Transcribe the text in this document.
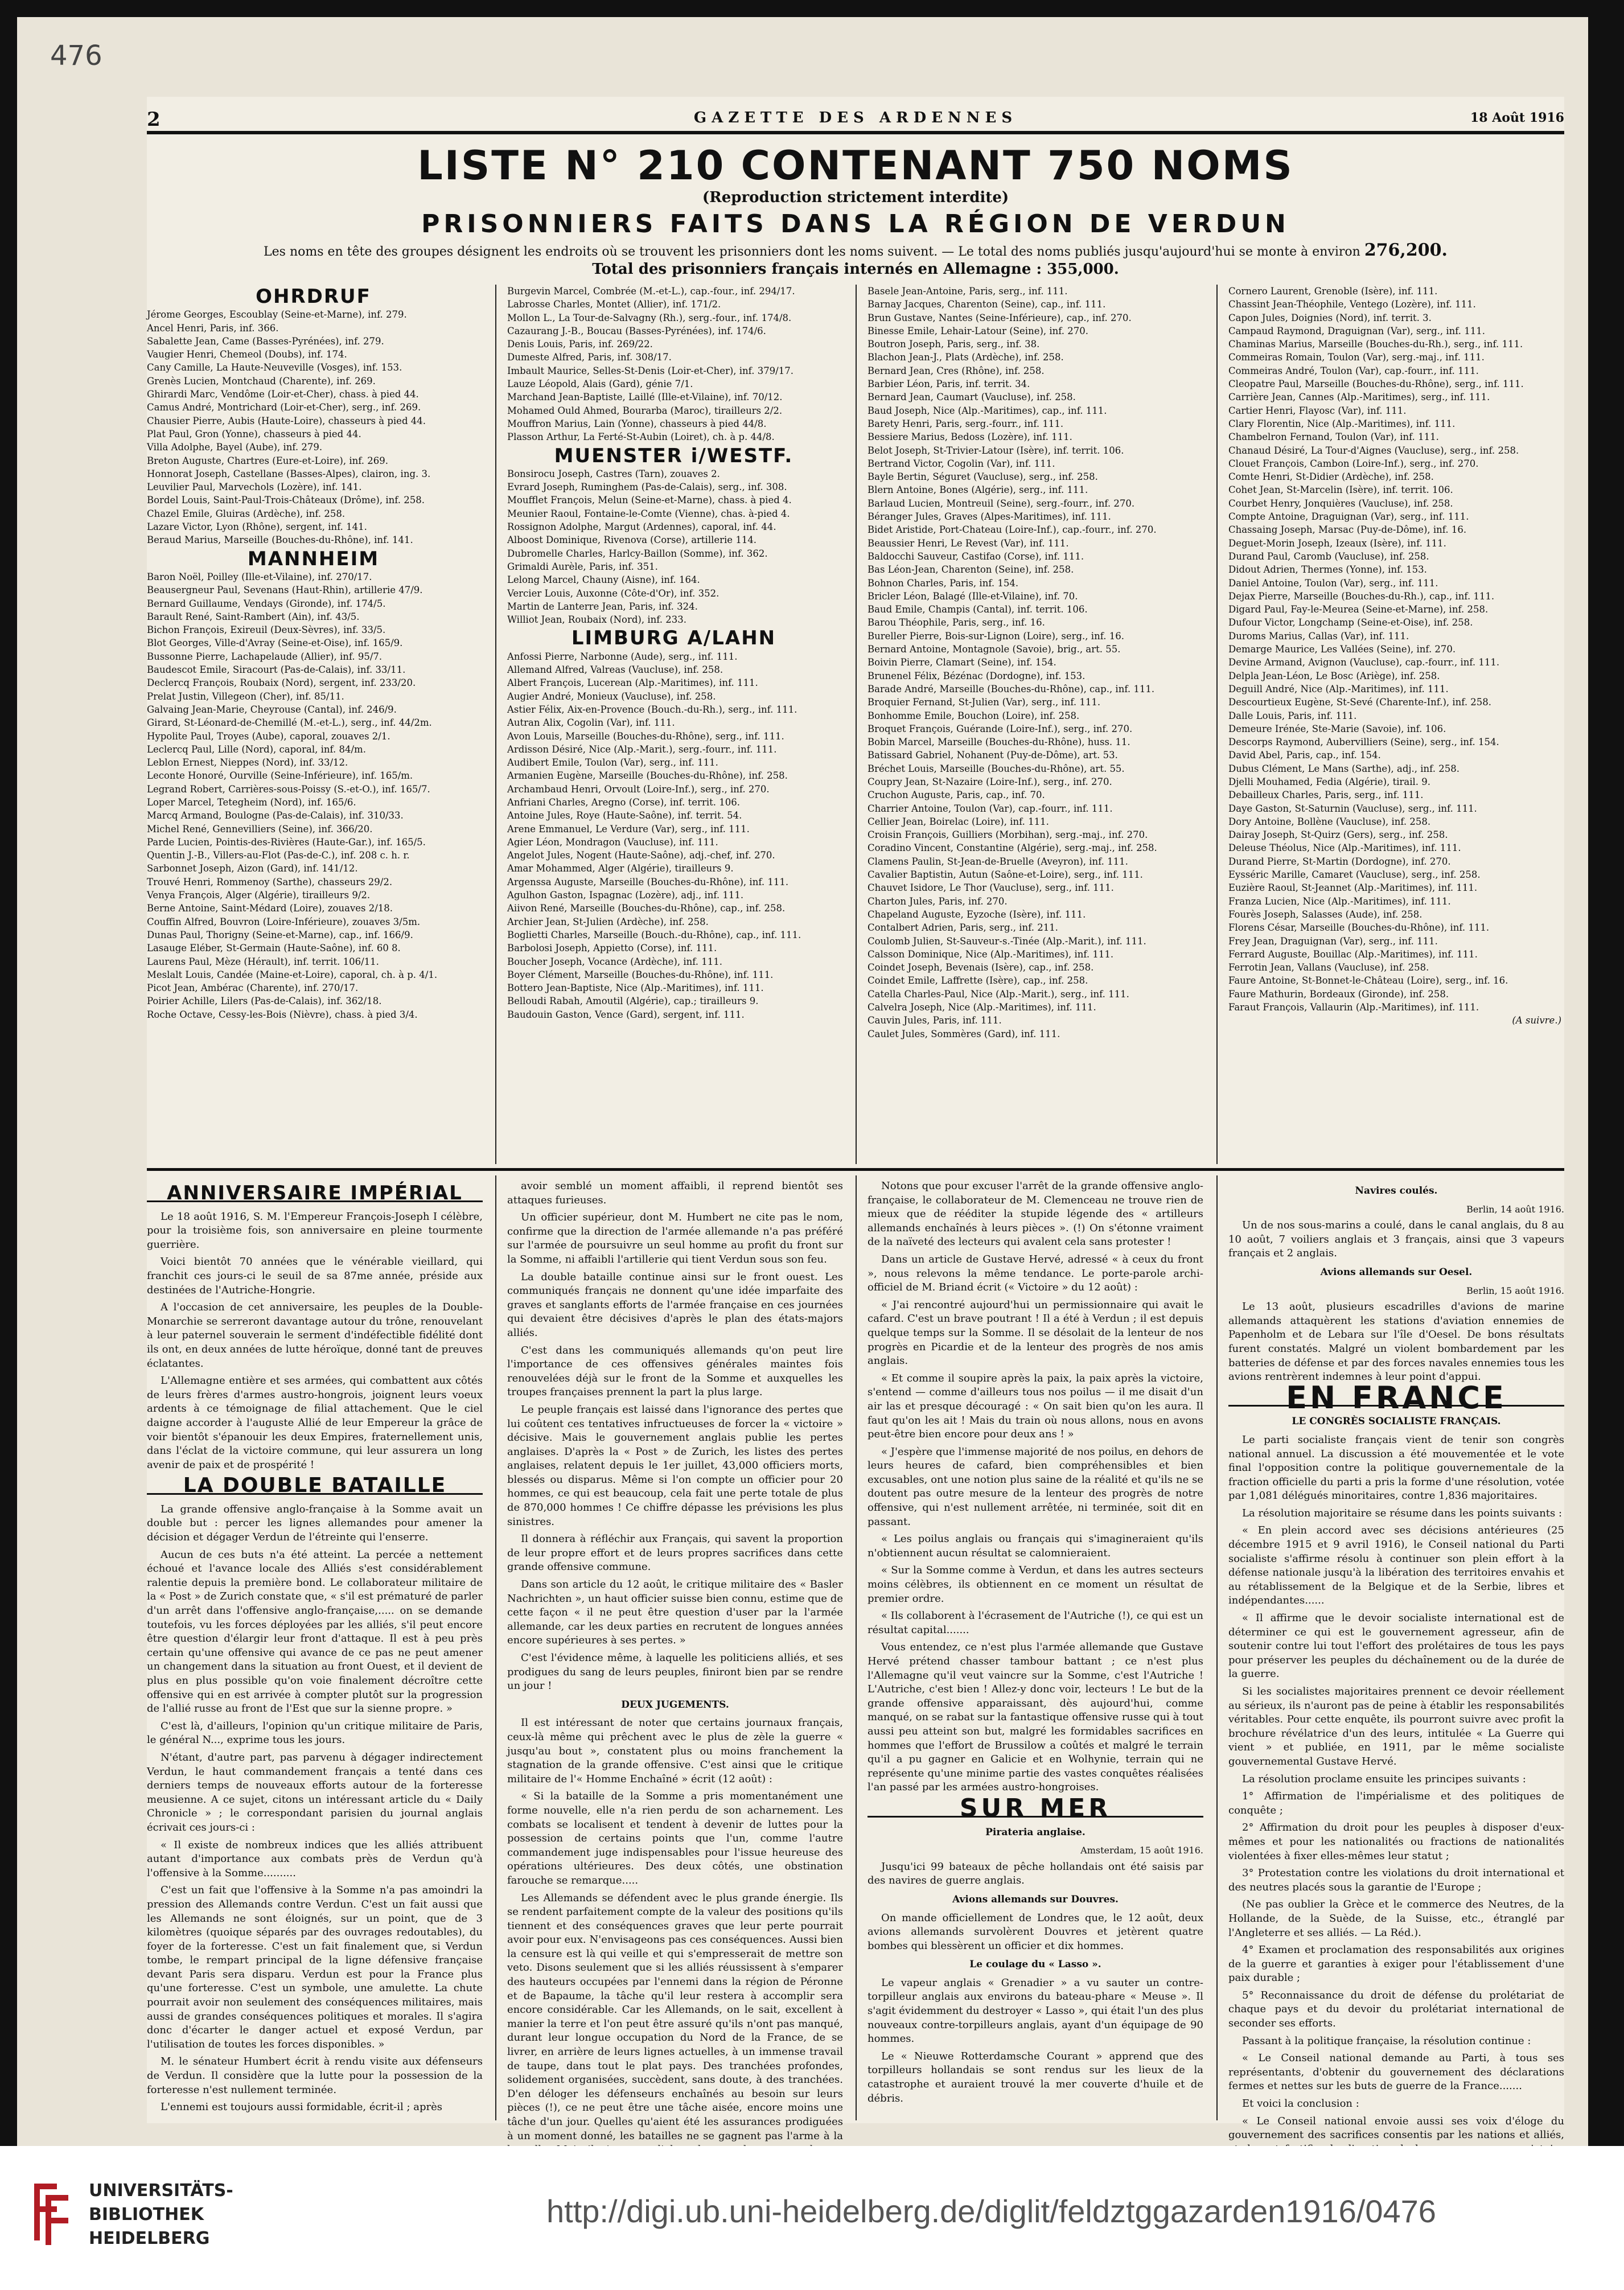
476
2	GAZETTE DES ARDENNES	18 Août 1916
LISTE N° 210 CONTENANT 750 NOMS
(Reproduction strictement interdite)
PRISONNIERS FAITS DANS LA RÉGION DE VERDUN
Les noms en tête des groupes désignent les endroits où se trouvent les prisonniers dont les noms suivent. — Le total des noms publiés jusqu'aujourd'hui se monte à environ 276,200.
Total des prisonniers français internés en Allemagne : 355,000.
OHRDRUF
Jérome Georges, Escoublay (Seine-et-Marne), inf. 279.
Ancel Henri, Paris, inf. 366.
Sabalette Jean, Came (Basses-Pyrénées), inf. 279.
Vaugier Henri, Chemeol (Doubs), inf. 174.
Cany Camille, La Haute-Neuveville (Vosges), inf. 153.
Grenès Lucien, Montchaud (Charente), inf. 269.
Ghirardi Marc, Vendôme (Loir-et-Cher), chass. à pied 44.
Camus André, Montrichard (Loir-et-Cher), serg., inf. 269.
Chausier Pierre, Aubis (Haute-Loire), chasseurs à pied 44.
Plat Paul, Gron (Yonne), chasseurs à pied 44.
Villa Adolphe, Bayel (Aube), inf. 279.
Breton Auguste, Chartres (Eure-et-Loire), inf. 269.
Honnorat Joseph, Castellane (Basses-Alpes), clairon, ing. 3.
Leuvilier Paul, Marvechols (Lozère), inf. 141.
Bordel Louis, Saint-Paul-Trois-Châteaux (Drôme), inf. 258.
Chazel Emile, Gluiras (Ardèche), inf. 258.
Lazare Victor, Lyon (Rhône), sergent, inf. 141.
Beraud Marius, Marseille (Bouches-du-Rhône), inf. 141.
MANNHEIM
Baron Noël, Poilley (Ille-et-Vilaine), inf. 270/17.
Beausergneur Paul, Sevenans (Haut-Rhin), artillerie 47/9.
Bernard Guillaume, Vendays (Gironde), inf. 174/5.
Barault René, Saint-Rambert (Ain), inf. 43/5.
Bichon François, Exireuil (Deux-Sèvres), inf. 33/5.
Blot Georges, Ville-d'Avray (Seine-et-Oise), inf. 165/9.
Bussonne Pierre, Lachapelaude (Allier), inf. 95/7.
Baudescot Emile, Siracourt (Pas-de-Calais), inf. 33/11.
Declercq François, Roubaix (Nord), sergent, inf. 233/20.
Prelat Justin, Villegeon (Cher), inf. 85/11.
Galvaing Jean-Marie, Cheyrouse (Cantal), inf. 246/9.
Girard, St-Léonard-de-Chemillé (M.-et-L.), serg., inf. 44/2m.
Hypolite Paul, Troyes (Aube), caporal, zouaves 2/1.
Leclercq Paul, Lille (Nord), caporal, inf. 84/m.
Leblon Ernest, Nieppes (Nord), inf. 33/12.
Leconte Honoré, Ourville (Seine-Inférieure), inf. 165/m.
Legrand Robert, Carrières-sous-Poissy (S.-et-O.), inf. 165/7.
Loper Marcel, Tetegheim (Nord), inf. 165/6.
Marcq Armand, Boulogne (Pas-de-Calais), inf. 310/33.
Michel René, Gennevilliers (Seine), inf. 366/20.
Parde Lucien, Pointis-des-Rivières (Haute-Gar.), inf. 165/5.
Quentin J.-B., Villers-au-Flot (Pas-de-C.), inf. 208 c. h. r.
Sarbonnet Joseph, Aizon (Gard), inf. 141/12.
Trouvé Henri, Rommenoy (Sarthe), chasseurs 29/2.
Venya François, Alger (Algérie), tirailleurs 9/2.
Berne Antoine, Saint-Médard (Loire), zouaves 2/18.
Couffin Alfred, Bouvron (Loire-Inférieure), zouaves 3/5m.
Dunas Paul, Thorigny (Seine-et-Marne), cap., inf. 166/9.
Lasauge Eléber, St-Germain (Haute-Saône), inf. 60 8.
Laurens Paul, Mèze (Hérault), inf. territ. 106/11.
Meslalt Louis, Candée (Maine-et-Loire), caporal, ch. à p. 4/1.
Picot Jean, Ambérac (Charente), inf. 270/17.
Poirier Achille, Lilers (Pas-de-Calais), inf. 362/18.
Roche Octave, Cessy-les-Bois (Nièvre), chass. à pied 3/4.
Burgevin Marcel, Combrée (M.-et-L.), cap.-four., inf. 294/17.
Labrosse Charles, Montet (Allier), inf. 171/2.
Mollon L., La Tour-de-Salvagny (Rh.), serg.-four., inf. 174/8.
Cazaurang J.-B., Boucau (Basses-Pyrénées), inf. 174/6.
Denis Louis, Paris, inf. 269/22.
Dumeste Alfred, Paris, inf. 308/17.
Imbault Maurice, Selles-St-Denis (Loir-et-Cher), inf. 379/17.
Lauze Léopold, Alais (Gard), génie 7/1.
Marchand Jean-Baptiste, Laillé (Ille-et-Vilaine), inf. 70/12.
Mohamed Ould Ahmed, Bourarba (Maroc), tirailleurs 2/2.
Mouffron Marius, Lain (Yonne), chasseurs à pied 44/8.
Plasson Arthur, La Ferté-St-Aubin (Loiret), ch. à p. 44/8.
MUENSTER i/WESTF.
Bonsirocu Joseph, Castres (Tarn), zouaves 2.
Evrard Joseph, Ruminghem (Pas-de-Calais), serg., inf. 308.
Moufflet François, Melun (Seine-et-Marne), chass. à pied 4.
Meunier Raoul, Fontaine-le-Comte (Vienne), chas. à-pied 4.
Rossignon Adolphe, Margut (Ardennes), caporal, inf. 44.
Alboost Dominique, Rivenova (Corse), artillerie 114.
Dubromelle Charles, Harlcy-Baillon (Somme), inf. 362.
Grimaldi Aurèle, Paris, inf. 351.
Lelong Marcel, Chauny (Aisne), inf. 164.
Vercier Louis, Auxonne (Côte-d'Or), inf. 352.
Martin de Lanterre Jean, Paris, inf. 324.
Williot Jean, Roubaix (Nord), inf. 233.
LIMBURG A/LAHN
Anfossi Pierre, Narbonne (Aude), serg., inf. 111.
Allemand Alfred, Valreas (Vaucluse), inf. 258.
Albert François, Lucerean (Alp.-Maritimes), inf. 111.
Augier André, Monieux (Vaucluse), inf. 258.
Astier Félix, Aix-en-Provence (Bouch.-du-Rh.), serg., inf. 111.
Autran Alix, Cogolin (Var), inf. 111.
Avon Louis, Marseille (Bouches-du-Rhône), serg., inf. 111.
Ardisson Désiré, Nice (Alp.-Marit.), serg.-fourr., inf. 111.
Audibert Emile, Toulon (Var), serg., inf. 111.
Armanien Eugène, Marseille (Bouches-du-Rhône), inf. 258.
Archambaud Henri, Orvoult (Loire-Inf.), serg., inf. 270.
Anfriani Charles, Aregno (Corse), inf. territ. 106.
Antoine Jules, Roye (Haute-Saône), inf. territ. 54.
Arene Emmanuel, Le Verdure (Var), serg., inf. 111.
Agier Léon, Mondragon (Vaucluse), inf. 111.
Angelot Jules, Nogent (Haute-Saône), adj.-chef, inf. 270.
Amar Mohammed, Alger (Algérie), tirailleurs 9.
Argenssa Auguste, Marseille (Bouches-du-Rhône), inf. 111.
Agulhon Gaston, Ispagnac (Lozère), adj., inf. 111.
Aiivon René, Marseille (Bouches-du-Rhône), cap., inf. 258.
Archier Jean, St-Julien (Ardèche), inf. 258.
Boglietti Charles, Marseille (Bouch.-du-Rhône), cap., inf. 111.
Barbolosi Joseph, Appietto (Corse), inf. 111.
Boucher Joseph, Vocance (Ardèche), inf. 111.
Boyer Clément, Marseille (Bouches-du-Rhône), inf. 111.
Bottero Jean-Baptiste, Nice (Alp.-Maritimes), inf. 111.
Belloudi Rabah, Amoutil (Algérie), cap.; tirailleurs 9.
Baudouin Gaston, Vence (Gard), sergent, inf. 111.
Basele Jean-Antoine, Paris, serg., inf. 111.
Barnay Jacques, Charenton (Seine), cap., inf. 111.
Brun Gustave, Nantes (Seine-Inférieure), cap., inf. 270.
Binesse Emile, Lehair-Latour (Seine), inf. 270.
Boutron Joseph, Paris, serg., inf. 38.
Blachon Jean-J., Plats (Ardèche), inf. 258.
Bernard Jean, Cres (Rhône), inf. 258.
Barbier Léon, Paris, inf. territ. 34.
Bernard Jean, Caumart (Vaucluse), inf. 258.
Baud Joseph, Nice (Alp.-Maritimes), cap., inf. 111.
Barety Henri, Paris, serg.-fourr., inf. 111.
Bessiere Marius, Bedoss (Lozère), inf. 111.
Belot Joseph, St-Trivier-Latour (Isère), inf. territ. 106.
Bertrand Victor, Cogolin (Var), inf. 111.
Bayle Bertin, Séguret (Vaucluse), serg., inf. 258.
Blern Antoine, Bones (Algérie), serg., inf. 111.
Barlaud Lucien, Montreuil (Seine), serg.-fourr., inf. 270.
Béranger Jules, Graves (Alpes-Maritimes), inf. 111.
Bidet Aristide, Port-Chateau (Loire-Inf.), cap.-fourr., inf. 270.
Beaussier Henri, Le Revest (Var), inf. 111.
Baldocchi Sauveur, Castifao (Corse), inf. 111.
Bas Léon-Jean, Charenton (Seine), inf. 258.
Bohnon Charles, Paris, inf. 154.
Bricler Léon, Balagé (Ille-et-Vilaine), inf. 70.
Baud Emile, Champis (Cantal), inf. territ. 106.
Barou Théophile, Paris, serg., inf. 16.
Bureller Pierre, Bois-sur-Lignon (Loire), serg., inf. 16.
Bernard Antoine, Montagnole (Savoie), brig., art. 55.
Boivin Pierre, Clamart (Seine), inf. 154.
Brunenel Félix, Bézénac (Dordogne), inf. 153.
Barade André, Marseille (Bouches-du-Rhône), cap., inf. 111.
Broquier Fernand, St-Julien (Var), serg., inf. 111.
Bonhomme Emile, Bouchon (Loire), inf. 258.
Broquet François, Guérande (Loire-Inf.), serg., inf. 270.
Bobin Marcel, Marseille (Bouches-du-Rhône), huss. 11.
Batissard Gabriel, Nohanent (Puy-de-Dôme), art. 53.
Bréchet Louis, Marseille (Bouches-du-Rhône), art. 55.
Coupry Jean, St-Nazaire (Loire-Inf.), serg., inf. 270.
Cruchon Auguste, Paris, cap., inf. 70.
Charrier Antoine, Toulon (Var), cap.-fourr., inf. 111.
Cellier Jean, Boirelac (Loire), inf. 111.
Croisin François, Guilliers (Morbihan), serg.-maj., inf. 270.
Coradino Vincent, Constantine (Algérie), serg.-maj., inf. 258.
Clamens Paulin, St-Jean-de-Bruelle (Aveyron), inf. 111.
Cavalier Baptistin, Autun (Saône-et-Loire), serg., inf. 111.
Chauvet Isidore, Le Thor (Vaucluse), serg., inf. 111.
Charton Jules, Paris, inf. 270.
Chapeland Auguste, Eyzoche (Isère), inf. 111.
Contalbert Adrien, Paris, serg., inf. 211.
Coulomb Julien, St-Sauveur-s.-Tinée (Alp.-Marit.), inf. 111.
Calsson Dominique, Nice (Alp.-Maritimes), inf. 111.
Coindet Joseph, Bevenais (Isère), cap., inf. 258.
Coindet Emile, Laffrette (Isère), cap., inf. 258.
Catella Charles-Paul, Nice (Alp.-Marit.), serg., inf. 111.
Calvelra Joseph, Nice (Alp.-Maritimes), inf. 111.
Cauvin Jules, Paris, inf. 111.
Caulet Jules, Sommères (Gard), inf. 111.
Cornero Laurent, Grenoble (Isère), inf. 111.
Chassint Jean-Théophile, Ventego (Lozère), inf. 111.
Capon Jules, Doignies (Nord), inf. territ. 3.
Campaud Raymond, Draguignan (Var), serg., inf. 111.
Chaminas Marius, Marseille (Bouches-du-Rh.), serg., inf. 111.
Commeiras Romain, Toulon (Var), serg.-maj., inf. 111.
Commeiras André, Toulon (Var), cap.-fourr., inf. 111.
Cleopatre Paul, Marseille (Bouches-du-Rhône), serg., inf. 111.
Carrière Jean, Cannes (Alp.-Maritimes), serg., inf. 111.
Cartier Henri, Flayosc (Var), inf. 111.
Clary Florentin, Nice (Alp.-Maritimes), inf. 111.
Chambelron Fernand, Toulon (Var), inf. 111.
Chanaud Désiré, La Tour-d'Aignes (Vaucluse), serg., inf. 258.
Clouet François, Cambon (Loire-Inf.), serg., inf. 270.
Comte Henri, St-Didier (Ardèche), inf. 258.
Cohet Jean, St-Marcelin (Isère), inf. territ. 106.
Courbet Henry, Jonquières (Vaucluse), inf. 258.
Compte Antoine, Draguignan (Var), serg., inf. 111.
Chassaing Joseph, Marsac (Puy-de-Dôme), inf. 16.
Deguet-Morin Joseph, Izeaux (Isère), inf. 111.
Durand Paul, Caromb (Vaucluse), inf. 258.
Didout Adrien, Thermes (Yonne), inf. 153.
Daniel Antoine, Toulon (Var), serg., inf. 111.
Dejax Pierre, Marseille (Bouches-du-Rh.), cap., inf. 111.
Digard Paul, Fay-le-Meurea (Seine-et-Marne), inf. 258.
Dufour Victor, Longchamp (Seine-et-Oise), inf. 258.
Duroms Marius, Callas (Var), inf. 111.
Demarge Maurice, Les Vallées (Seine), inf. 270.
Devine Armand, Avignon (Vaucluse), cap.-fourr., inf. 111.
Delpla Jean-Léon, Le Bosc (Ariège), inf. 258.
Deguill André, Nice (Alp.-Maritimes), inf. 111.
Descourtieux Eugène, St-Sevé (Charente-Inf.), inf. 258.
Dalle Louis, Paris, inf. 111.
Demeure Irénée, Ste-Marie (Savoie), inf. 106.
Descorps Raymond, Aubervilliers (Seine), serg., inf. 154.
David Abel, Paris, cap., inf. 154.
Dubus Clément, Le Mans (Sarthe), adj., inf. 258.
Djelli Mouhamed, Fedia (Algérie), tirail. 9.
Debailleux Charles, Paris, serg., inf. 111.
Daye Gaston, St-Saturnin (Vaucluse), serg., inf. 111.
Dory Antoine, Bollène (Vaucluse), inf. 258.
Dairay Joseph, St-Quirz (Gers), serg., inf. 258.
Deleuse Théolus, Nice (Alp.-Maritimes), inf. 111.
Durand Pierre, St-Martin (Dordogne), inf. 270.
Eysséric Marille, Camaret (Vaucluse), serg., inf. 258.
Euzière Raoul, St-Jeannet (Alp.-Maritimes), inf. 111.
Franza Lucien, Nice (Alp.-Maritimes), inf. 111.
Fourès Joseph, Salasses (Aude), inf. 258.
Florens César, Marseille (Bouches-du-Rhône), inf. 111.
Frey Jean, Draguignan (Var), serg., inf. 111.
Ferrard Auguste, Bouillac (Alp.-Maritimes), inf. 111.
Ferrotin Jean, Vallans (Vaucluse), inf. 258.
Faure Antoine, St-Bonnet-le-Château (Loire), serg., inf. 16.
Faure Mathurin, Bordeaux (Gironde), inf. 258.
Faraut François, Vallaurin (Alp.-Maritimes), inf. 111.
(A suivre.)
ANNIVERSAIRE IMPÉRIAL

Le 18 août 1916, S. M. l'Empereur François-Joseph I célèbre, pour la troisième fois, son anniversaire en pleine tourmente guerrière.

Voici bientôt 70 années que le vénérable vieillard, qui franchit ces jours-ci le seuil de sa 87me année, préside aux destinées de l'Autriche-Hongrie.

A l'occasion de cet anniversaire, les peuples de la Double-Monarchie se serreront davantage autour du trône, renouvelant à leur paternel souverain le serment d'indéfectible fidélité dont ils ont, en deux années de lutte héroïque, donné tant de preuves éclatantes.

L'Allemagne entière et ses armées, qui combattent aux côtés de leurs frères d'armes austro-hongrois, joignent leurs voeux ardents à ce témoignage de filial attachement. Que le ciel daigne accorder à l'auguste Allié de leur Empereur la grâce de voir bientôt s'épanouir les deux Empires, fraternellement unis, dans l'éclat de la victoire commune, qui leur assurera un long avenir de paix et de prospérité !

LA DOUBLE BATAILLE

La grande offensive anglo-française à la Somme avait un double but : percer les lignes allemandes pour amener la décision et dégager Verdun de l'étreinte qui l'enserre.

Aucun de ces buts n'a été atteint. La percée a nettement échoué et l'avance locale des Alliés s'est considérablement ralentie depuis la première bond. Le collaborateur militaire de la « Post » de Zurich constate que, « s'il est prématuré de parler d'un arrêt dans l'offensive anglo-française,..... on se demande toutefois, vu les forces déployées par les alliés, s'il peut encore être question d'élargir leur front d'attaque. Il est à peu près certain qu'une offensive qui avance de ce pas ne peut amener un changement dans la situation au front Ouest, et il devient de plus en plus possible qu'on voie finalement décroître cette offensive qui en est arrivée à compter plutôt sur la progression de l'allié russe au front de l'Est que sur la sienne propre. »

C'est là, d'ailleurs, l'opinion qu'un critique militaire de Paris, le général N..., exprime tous les jours.

N'étant, d'autre part, pas parvenu à dégager indirectement Verdun, le haut commandement français a tenté dans ces derniers temps de nouveaux efforts autour de la forteresse meusienne. A ce sujet, citons un intéressant article du « Daily Chronicle » ; le correspondant parisien du journal anglais écrivait ces jours-ci :

« Il existe de nombreux indices que les alliés attribuent autant d'importance aux combats près de Verdun qu'à l'offensive à la Somme..........

C'est un fait que l'offensive à la Somme n'a pas amoindri la pression des Allemands contre Verdun. C'est un fait aussi que les Allemands ne sont éloignés, sur un point, que de 3 kilomètres (quoique séparés par des ouvrages redoutables), du foyer de la forteresse. C'est un fait finalement que, si Verdun tombe, le rempart principal de la ligne défensive française devant Paris sera disparu. Verdun est pour la France plus qu'une forteresse. C'est un symbole, une amulette. La chute pourrait avoir non seulement des conséquences militaires, mais aussi de grandes conséquences politiques et morales. Il s'agira donc d'écarter le danger actuel et exposé Verdun, par l'utilisation de toutes les forces disponibles. »

M. le sénateur Humbert écrit à rendu visite aux défenseurs de Verdun. Il considère que la lutte pour la possession de la forteresse n'est nullement terminée.

L'ennemi est toujours aussi formidable, écrit-il ; après

avoir semblé un moment affaibli, il reprend bientôt ses attaques furieuses.

Un officier supérieur, dont M. Humbert ne cite pas le nom, confirme que la direction de l'armée allemande n'a pas préféré sur l'armée de poursuivre un seul homme au profit du front sur la Somme, ni affaibli l'artillerie qui tient Verdun sous son feu.

La double bataille continue ainsi sur le front ouest. Les communiqués français ne donnent qu'une idée imparfaite des graves et sanglants efforts de l'armée française en ces journées qui devaient être décisives d'après le plan des états-majors alliés.

C'est dans les communiqués allemands qu'on peut lire l'importance de ces offensives générales maintes fois renouvelées déjà sur le front de la Somme et auxquelles les troupes françaises prennent la part la plus large.

Le peuple français est laissé dans l'ignorance des pertes que lui coûtent ces tentatives infructueuses de forcer la « victoire » décisive. Mais le gouvernement anglais publie les pertes anglaises. D'après la « Post » de Zurich, les listes des pertes anglaises, relatent depuis le 1er juillet, 43,000 officiers morts, blessés ou disparus. Même si l'on compte un officier pour 20 hommes, ce qui est beaucoup, cela fait une perte totale de plus de 870,000 hommes ! Ce chiffre dépasse les prévisions les plus sinistres.

Il donnera à réfléchir aux Français, qui savent la proportion de leur propre effort et de leurs propres sacrifices dans cette grande offensive commune.

Dans son article du 12 août, le critique militaire des « Basler Nachrichten », un haut officier suisse bien connu, estime que de cette façon « il ne peut être question d'user par la l'armée allemande, car les deux parties en recrutent de longues années encore supérieures à ses pertes. »

C'est l'évidence même, à laquelle les politiciens alliés, et ses prodigues du sang de leurs peuples, finiront bien par se rendre un jour !

DEUX JUGEMENTS.

Il est intéressant de noter que certains journaux français, ceux-là même qui prêchent avec le plus de zèle la guerre « jusqu'au bout », constatent plus ou moins franchement la stagnation de la grande offensive. C'est ainsi que le critique militaire de l'« Homme Enchaîné » écrit (12 août) :

« Si la bataille de la Somme a pris momentanément une forme nouvelle, elle n'a rien perdu de son acharnement. Les combats se localisent et tendent à devenir de luttes pour la possession de certains points que l'un, comme l'autre commandement juge indispensables pour l'issue heureuse des opérations ultérieures. Des deux côtés, une obstination farouche se remarque.....

Les Allemands se défendent avec le plus grande énergie. Ils se rendent parfaitement compte de la valeur des positions qu'ils tiennent et des conséquences graves que leur perte pourrait avoir pour eux. N'envisageons pas ces conséquences. Aussi bien la censure est là qui veille et qui s'empresserait de mettre son veto. Disons seulement que si les alliés réussissent à s'emparer des hauteurs occupées par l'ennemi dans la région de Péronne et de Bapaume, la tâche qu'il leur restera à accomplir sera encore considérable. Car les Allemands, on le sait, excellent à manier la terre et l'on peut être assuré qu'ils n'ont pas manqué, durant leur longue occupation du Nord de la France, de se livrer, en arrière de leurs lignes actuelles, à un immense travail de taupe, dans tout le plat pays. Des tranchées profondes, solidement organisées, succèdent, sans doute, à des tranchées. D'en déloger les défenseurs enchaînés au besoin sur leurs pièces (!), ce ne peut être une tâche aisée, encore moins une tâche d'un jour. Quelles qu'aient été les assurances prodiguées à un moment donné, les batailles ne se gagnent pas l'arme à la

Notons que pour excuser l'arrêt de la grande offensive anglo-française, le collaborateur de M. Clemenceau ne trouve rien de mieux que de rééditer la stupide légende des « artilleurs allemands enchaînés à leurs pièces ». (!) On s'étonne vraiment de la naïveté des lecteurs qui avalent cela sans protester !

Dans un article de Gustave Hervé, adressé « à ceux du front », nous relevons la même tendance. Le porte-parole archi-officiel de M. Briand écrit (« Victoire » du 12 août) :

« J'ai rencontré aujourd'hui un permissionnaire qui avait le cafard. C'est un brave poutrant ! Il a été à Verdun ; il est depuis quelque temps sur la Somme. Il se désolait de la lenteur de nos progrès en Picardie et de la lenteur des progrès de nos amis anglais.

« Et comme il soupire après la paix, la paix après la victoire, s'entend — comme d'ailleurs tous nos poilus — il me disait d'un air las et presque découragé : « On sait bien qu'on les aura. Il faut qu'on les ait ! Mais du train où nous allons, nous en avons peut-être bien encore pour deux ans ! »

« J'espère que l'immense majorité de nos poilus, en dehors de leurs heures de cafard, bien compréhensibles et bien excusables, ont une notion plus saine de la réalité et qu'ils ne se doutent pas outre mesure de la lenteur des progrès de notre offensive, qui n'est nullement arrêtée, ni terminée, soit dit en passant.

« Les poilus anglais ou français qui s'imagineraient qu'ils n'obtiennent aucun résultat se calomnieraient.

« Sur la Somme comme à Verdun, et dans les autres secteurs moins célèbres, ils obtiennent en ce moment un résultat de premier ordre.

« Ils collaborent à l'écrasement de l'Autriche (!), ce qui est un résultat capital.......

Vous entendez, ce n'est plus l'armée allemande que Gustave Hervé prétend chasser tambour battant ; ce n'est plus l'Allemagne qu'il veut vaincre sur la Somme, c'est l'Autriche ! L'Autriche, c'est bien ! Allez-y donc voir, lecteurs ! Le but de la grande offensive apparaissant, dès aujourd'hui, comme manqué, on se rabat sur la fantastique offensive russe qui à tout aussi peu atteint son but, malgré les formidables sacrifices en hommes que l'effort de Brussilow a coûtés et malgré le terrain qu'il a pu gagner en Galicie et en Wolhynie, terrain qui ne représente qu'une minime partie des vastes conquêtes réalisées l'an passé par les armées austro-hongroises.

SUR MER
Pirateria anglaise.
Amsterdam, 15 août 1916.

Jusqu'ici 99 bateaux de pêche hollandais ont été saisis par des navires de guerre anglais.

Avions allemands sur Douvres.

On mande officiellement de Londres que, le 12 août, deux avions allemands survolèrent Douvres et jetèrent quatre bombes qui blessèrent un officier et dix hommes.

Le coulage du « Lasso ».

Le vapeur anglais « Grenadier » a vu sauter un contre-torpilleur anglais aux environs du bateau-phare « Meuse ». Il s'agit évidemment du destroyer « Lasso », qui était l'un des plus nouveaux contre-torpilleurs anglais, ayant d'un équipage de 90 hommes.

Le « Nieuwe Rotterdamsche Courant » apprend que des torpilleurs hollandais se sont rendus sur les lieux de la catastrophe et auraient trouvé la mer couverte d'huile et de débris.

Navires coulés.
Berlin, 14 août 1916.

Un de nos sous-marins a coulé, dans le canal anglais, du 8 au 10 août, 7 voiliers anglais et 3 français, ainsi que 3 vapeurs français et 2 anglais.

Avions allemands sur Oesel.
Berlin, 15 août 1916.

Le 13 août, plusieurs escadrilles d'avions de marine allemands attaquèrent les stations d'aviation ennemies de Papenholm et de Lebara sur l'île d'Oesel. De bons résultats furent constatés. Malgré un violent bombardement par les batteries de défense et par des forces navales ennemies tous les avions rentrèrent indemnes à leur point d'appui.

EN FRANCE
LE CONGRÈS SOCIALISTE FRANÇAIS.

Le parti socialiste français vient de tenir son congrès national annuel. La discussion a été mouvementée et le vote final l'opposition contre la politique gouvernementale de la fraction officielle du parti a pris la forme d'une résolution, votée par 1,081 délégués minoritaires, contre 1,836 majoritaires.

La résolution majoritaire se résume dans les points suivants :

« En plein accord avec ses décisions antérieures (25 décembre 1915 et 9 avril 1916), le Conseil national du Parti socialiste s'affirme résolu à continuer son plein effort à la défense nationale jusqu'à la libération des territoires envahis et au rétablissement de la Belgique et de la Serbie, libres et indépendantes......

« Il affirme que le devoir socialiste international est de déterminer ce qui est le gouvernement agresseur, afin de soutenir contre lui tout l'effort des prolétaires de tous les pays pour préserver les peuples du déchaînement ou de la durée de la guerre.

Si les socialistes majoritaires prennent ce devoir réellement au sérieux, ils n'auront pas de peine à établir les responsabilités véritables. Pour cette enquête, ils pourront suivre avec profit la brochure révélatrice d'un des leurs, intitulée « La Guerre qui vient » et publiée, en 1911, par le même socialiste gouvernemental Gustave Hervé.

La résolution proclame ensuite les principes suivants :

1° Affirmation de l'impérialisme et des politiques de conquête ;

2° Affirmation du droit pour les peuples à disposer d'eux-mêmes et pour les nationalités ou fractions de nationalités violentées à fixer elles-mêmes leur statut ;

3° Protestation contre les violations du droit international et des neutres placés sous la garantie de l'Europe ;

(Ne pas oublier la Grèce et le commerce des Neutres, de la Hollande, de la Suède, de la Suisse, etc., étranglé par l'Angleterre et ses alliés. — La Réd.).

4° Examen et proclamation des responsabilités aux origines de la guerre et garanties à exiger pour l'établissement d'une paix durable ;

5° Reconnaissance du droit de défense du prolétariat de chaque pays et du devoir du prolétariat international de seconder ses efforts.

Passant à la politique française, la résolution continue :

« Le Conseil national demande au Parti, à tous ses représentants, d'obtenir du gouvernement des déclarations fermes et nettes sur les buts de guerre de la France.......

Et voici la conclusion :

« Le Conseil national envoie aussi ses voix d'éloge du gouvernement des sacrifices consentis par les nations et alliés,

UNIVERSITÄTS-
BIBLIOTHEK
HEIDELBERG
http://digi.ub.uni-heidelberg.de/diglit/feldztggazarden1916/0476
